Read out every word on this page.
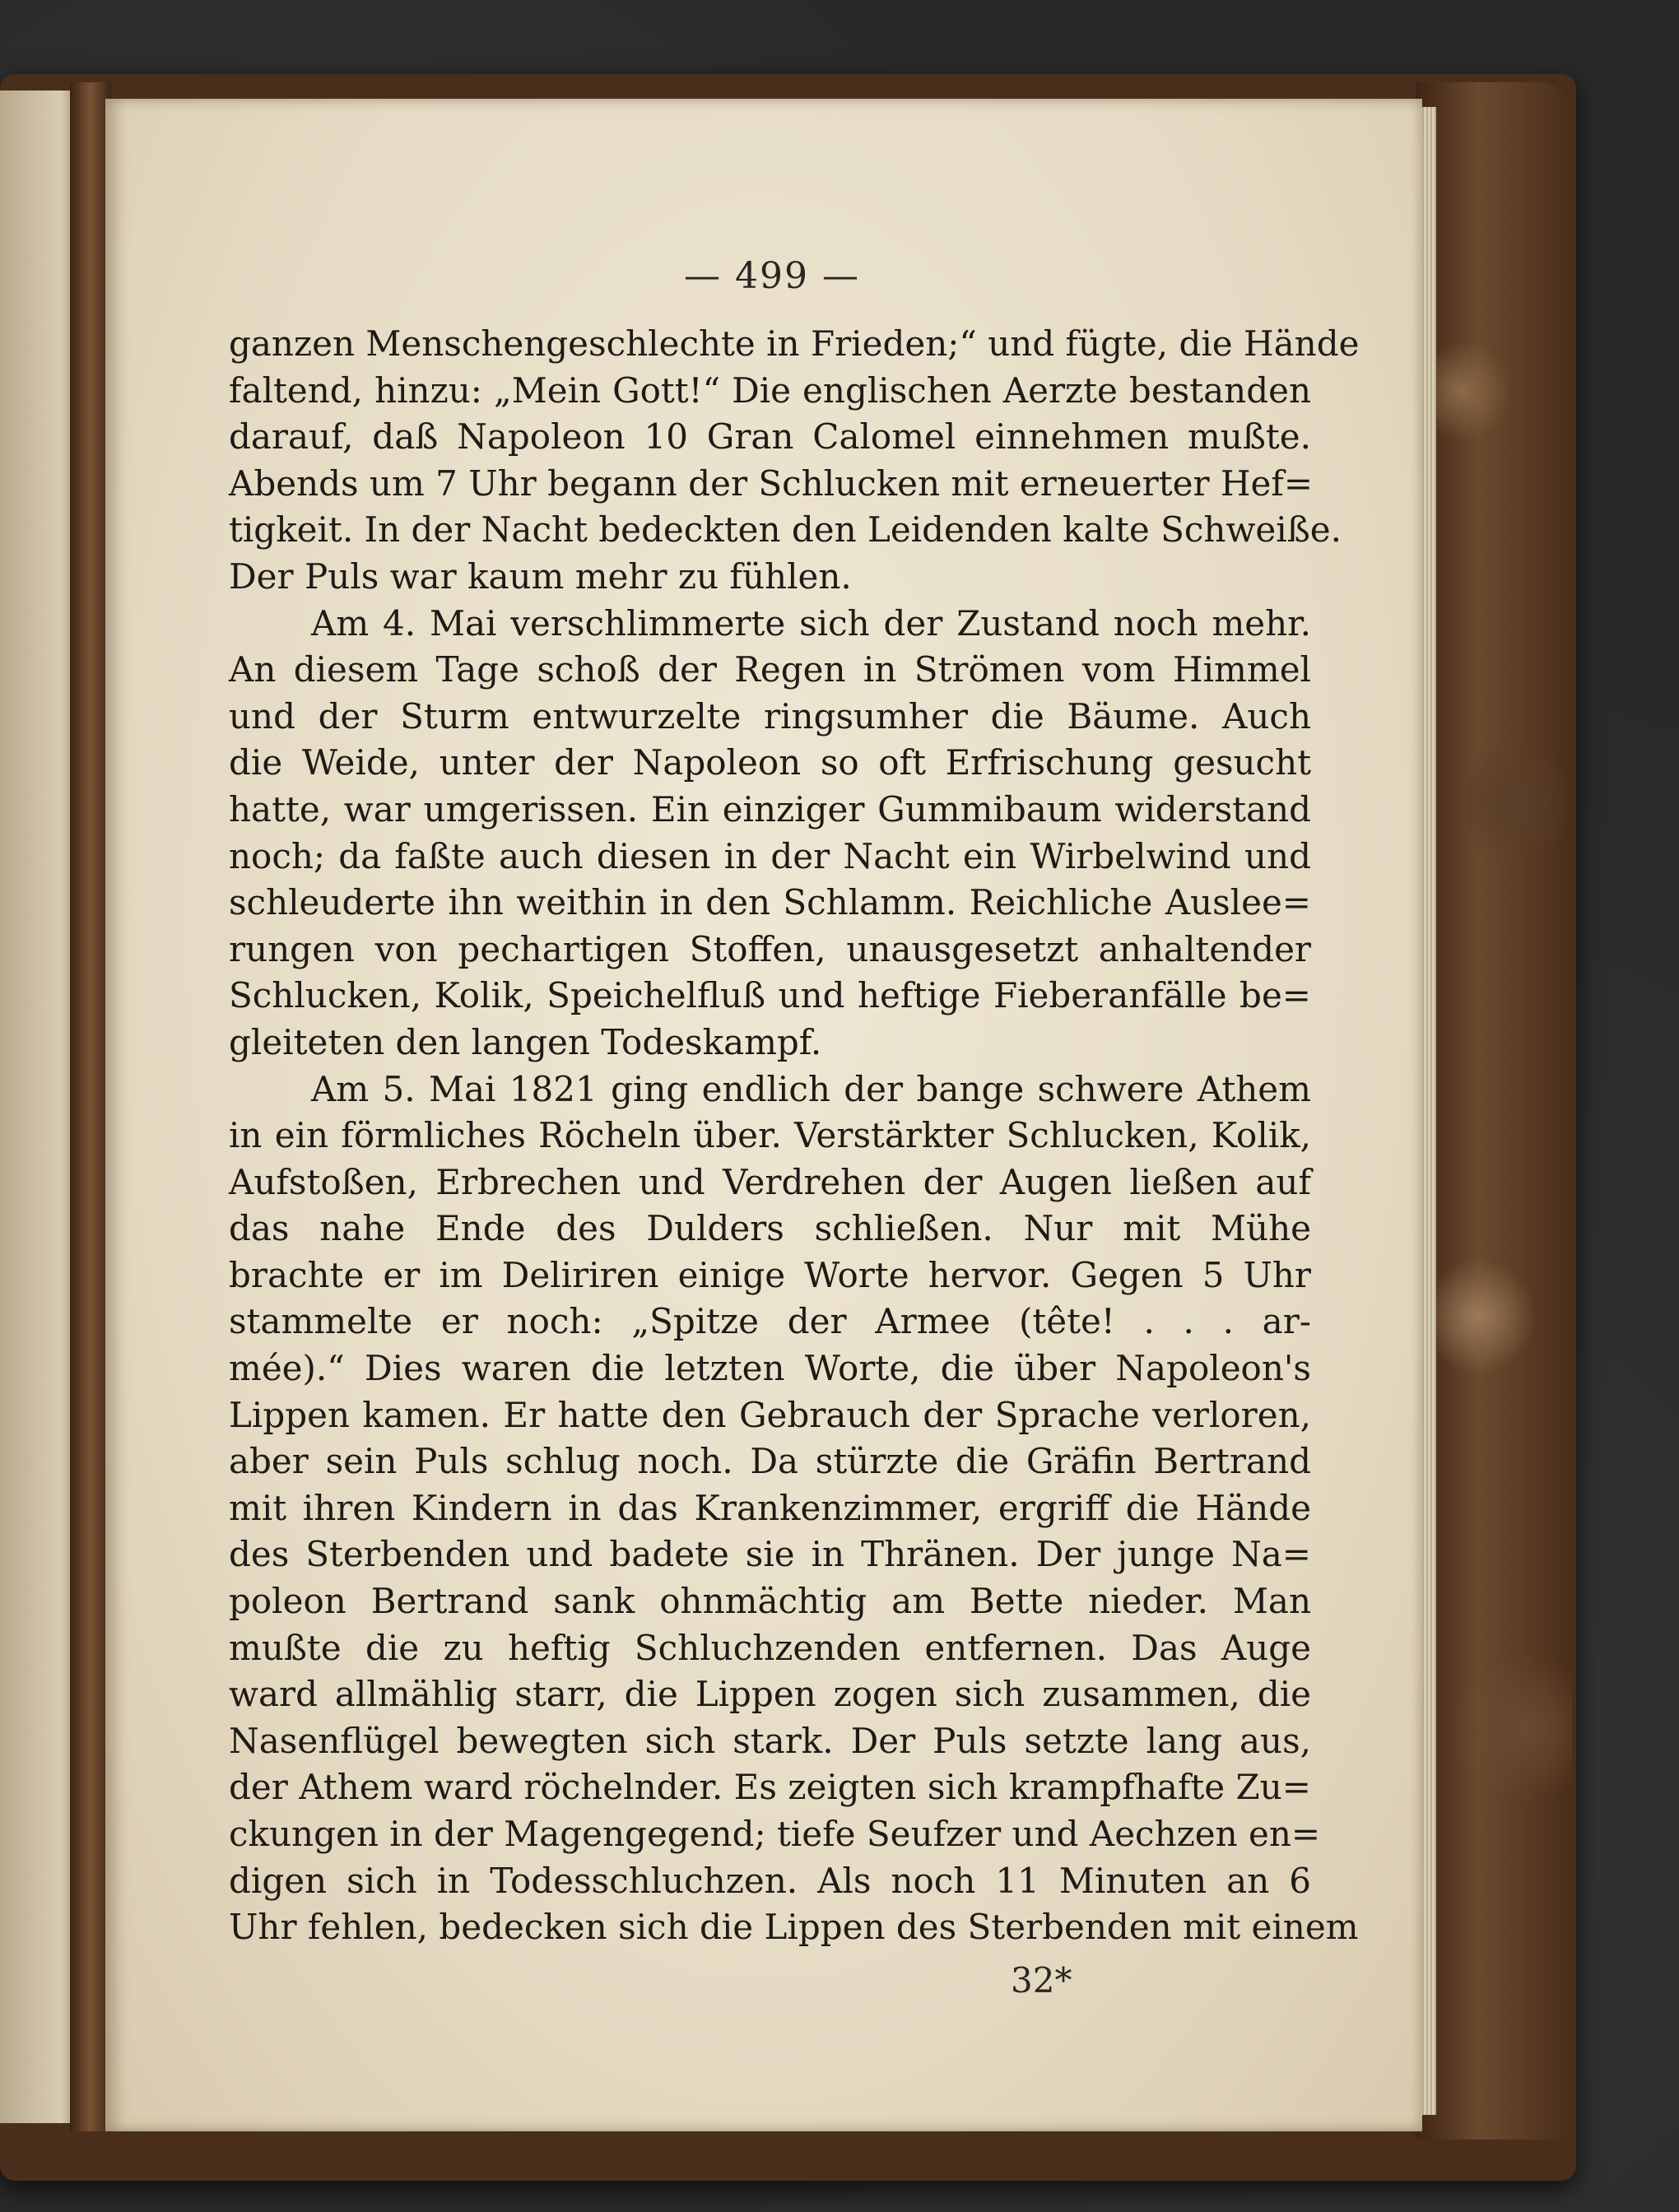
— 499 —
ganzen Menschengeschlechte in Frieden;“ und fügte, die Hände
faltend, hinzu: „Mein Gott!“ Die englischen Aerzte bestanden
darauf, daß Napoleon 10 Gran Calomel einnehmen mußte.
Abends um 7 Uhr begann der Schlucken mit erneuerter Hef=
tigkeit. In der Nacht bedeckten den Leidenden kalte Schweiße.
Der Puls war kaum mehr zu fühlen.
Am 4. Mai verschlimmerte sich der Zustand noch mehr.
An diesem Tage schoß der Regen in Strömen vom Himmel
und der Sturm entwurzelte ringsumher die Bäume. Auch
die Weide, unter der Napoleon so oft Erfrischung gesucht
hatte, war umgerissen. Ein einziger Gummibaum widerstand
noch; da faßte auch diesen in der Nacht ein Wirbelwind und
schleuderte ihn weithin in den Schlamm. Reichliche Auslee=
rungen von pechartigen Stoffen, unausgesetzt anhaltender
Schlucken, Kolik, Speichelfluß und heftige Fieberanfälle be=
gleiteten den langen Todeskampf.
Am 5. Mai 1821 ging endlich der bange schwere Athem
in ein förmliches Röcheln über. Verstärkter Schlucken, Kolik,
Aufstoßen, Erbrechen und Verdrehen der Augen ließen auf
das nahe Ende des Dulders schließen. Nur mit Mühe
brachte er im Deliriren einige Worte hervor. Gegen 5 Uhr
stammelte er noch: „Spitze der Armee (tête! . . . ar-
mée).“ Dies waren die letzten Worte, die über Napoleon's
Lippen kamen. Er hatte den Gebrauch der Sprache verloren,
aber sein Puls schlug noch. Da stürzte die Gräfin Bertrand
mit ihren Kindern in das Krankenzimmer, ergriff die Hände
des Sterbenden und badete sie in Thränen. Der junge Na=
poleon Bertrand sank ohnmächtig am Bette nieder. Man
mußte die zu heftig Schluchzenden entfernen. Das Auge
ward allmählig starr, die Lippen zogen sich zusammen, die
Nasenflügel bewegten sich stark. Der Puls setzte lang aus,
der Athem ward röchelnder. Es zeigten sich krampfhafte Zu=
ckungen in der Magengegend; tiefe Seufzer und Aechzen en=
digen sich in Todesschluchzen. Als noch 11 Minuten an 6
Uhr fehlen, bedecken sich die Lippen des Sterbenden mit einem
32*
